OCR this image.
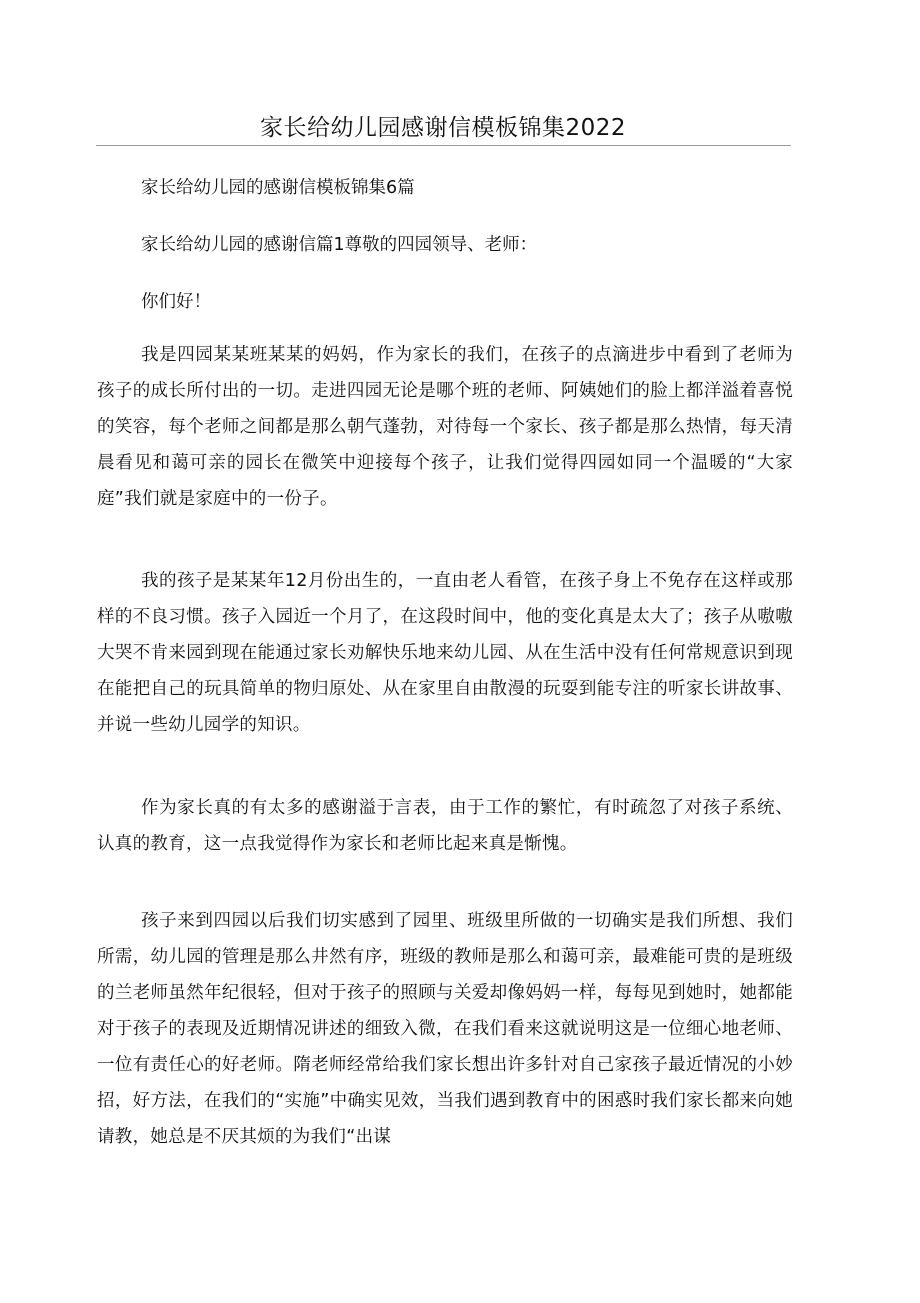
家长给幼儿园感谢信模板锦集2022

家长给幼儿园的感谢信模板锦集6篇

家长给幼儿园的感谢信篇1尊敬的四园领导、老师：

你们好！

我是四园某某班某某的妈妈，作为家长的我们，在孩子的点滴进步中看到了老师为孩子的成长所付出的一切。走进四园无论是哪个班的老师、阿姨她们的脸上都洋溢着喜悦的笑容，每个老师之间都是那么朝气蓬勃，对待每一个家长、孩子都是那么热情，每天清晨看见和蔼可亲的园长在微笑中迎接每个孩子，让我们觉得四园如同一个温暖的“大家庭”我们就是家庭中的一份子。

我的孩子是某某年12月份出生的，一直由老人看管，在孩子身上不免存在这样或那样的不良习惯。孩子入园近一个月了，在这段时间中，他的变化真是太大了；孩子从嗷嗷大哭不肯来园到现在能通过家长劝解快乐地来幼儿园、从在生活中没有任何常规意识到现在能把自己的玩具简单的物归原处、从在家里自由散漫的玩耍到能专注的听家长讲故事、并说一些幼儿园学的知识。

作为家长真的有太多的感谢溢于言表，由于工作的繁忙，有时疏忽了对孩子系统、认真的教育，这一点我觉得作为家长和老师比起来真是惭愧。

孩子来到四园以后我们切实感到了园里、班级里所做的一切确实是我们所想、我们所需，幼儿园的管理是那么井然有序，班级的教师是那么和蔼可亲，最难能可贵的是班级的兰老师虽然年纪很轻，但对于孩子的照顾与关爱却像妈妈一样，每每见到她时，她都能对于孩子的表现及近期情况讲述的细致入微，在我们看来这就说明这是一位细心地老师、一位有责任心的好老师。隋老师经常给我们家长想出许多针对自己家孩子最近情况的小妙招，好方法，在我们的“实施”中确实见效，当我们遇到教育中的困惑时我们家长都来向她请教，她总是不厌其烦的为我们“出谋
